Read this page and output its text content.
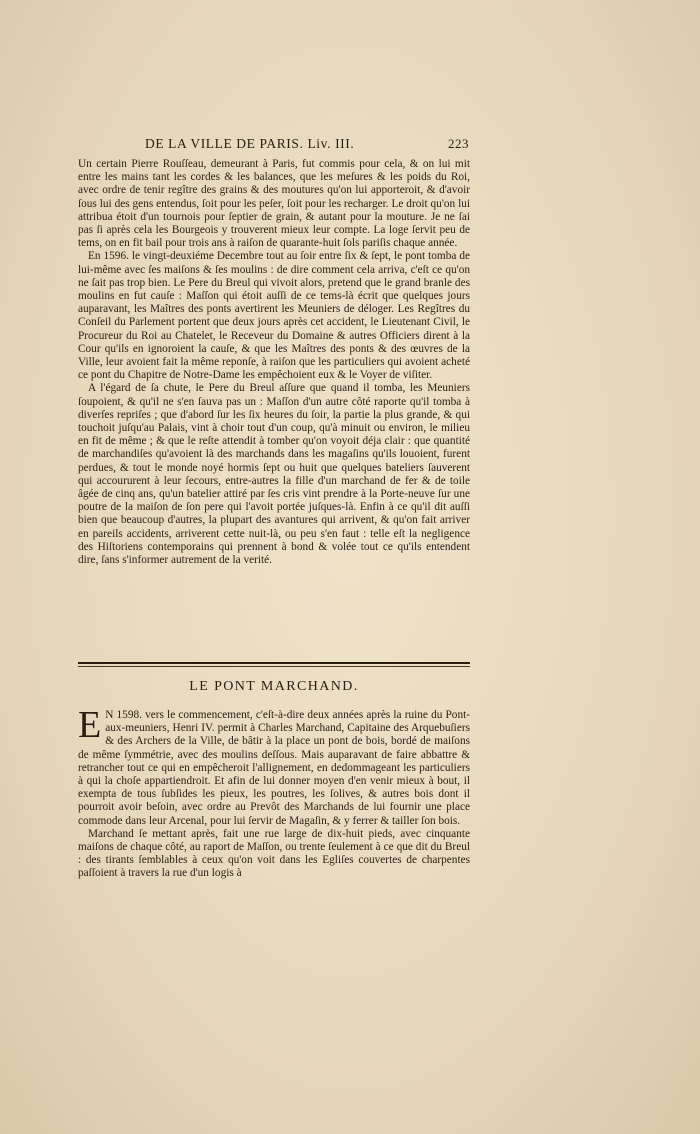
DE LA VILLE DE PARIS. Liv. III.	223

Un certain Pierre Rouſſeau, demeurant à Paris, fut commis pour cela, & on lui mit entre les mains tant les cordes & les balances, que les meſures & les poids du Roi, avec ordre de tenir regître des grains & des moutures qu'on lui apporteroit, & d'avoir ſous lui des gens entendus, ſoit pour les peſer, ſoit pour les recharger. Le droit qu'on lui attribua étoit d'un tournois pour ſeptier de grain, & autant pour la mouture. Je ne ſai pas ſi après cela les Bourgeois y trouverent mieux leur compte. La loge ſervit peu de tems, on en fit bail pour trois ans à raiſon de quarante-huit ſols pariſis chaque année.

En 1596. le vingt-deuxiéme Decembre tout au ſoir entre ſix & ſept, le pont tomba de lui-même avec ſes maiſons & ſes moulins : de dire comment cela arriva, c'eſt ce qu'on ne ſait pas trop bien. Le Pere du Breul qui vivoit alors, pretend que le grand branle des moulins en fut cauſe : Maſſon qui étoit auſſi de ce tems-là écrit que quelques jours auparavant, les Maîtres des ponts avertirent les Meuniers de déloger. Les Regîtres du Conſeil du Parlement portent que deux jours après cet accident, le Lieutenant Civil, le Procureur du Roi au Chatelet, le Receveur du Domaine & autres Officiers dirent à la Cour qu'ils en ignoroient la cauſe, & que les Maîtres des ponts & des œuvres de la Ville, leur avoient fait la même reponſe, à raiſon que les particuliers qui avoient acheté ce pont du Chapitre de Notre-Dame les empêchoient eux & le Voyer de viſiter.

A l'égard de ſa chute, le Pere du Breul aſſure que quand il tomba, les Meuniers ſoupoient, & qu'il ne s'en ſauva pas un : Maſſon d'un autre côté raporte qu'il tomba à diverſes repriſes ; que d'abord ſur les ſix heures du ſoir, la partie la plus grande, & qui touchoit juſqu'au Palais, vint à choir tout d'un coup, qu'à minuit ou environ, le milieu en fit de même ; & que le reſte attendit à tomber qu'on voyoit déja clair : que quantité de marchandiſes qu'avoient là des marchands dans les magaſins qu'ils louoient, furent perdues, & tout le monde noyé hormis ſept ou huit que quelques bateliers ſauverent qui accoururent à leur ſecours, entre-autres la fille d'un marchand de fer & de toile âgée de cinq ans, qu'un batelier attiré par ſes cris vint prendre à la Porte-neuve ſur une poutre de la maiſon de ſon pere qui l'avoit portée juſques-là. Enfin à ce qu'il dit auſſi bien que beaucoup d'autres, la plupart des avantures qui arrivent, & qu'on fait arriver en pareils accidents, arriverent cette nuit-là, ou peu s'en faut : telle eſt la negligence des Hiſtoriens contemporains qui prennent à bond & volée tout ce qu'ils entendent dire, ſans s'informer autrement de la verité.

LE PONT MARCHAND.

E N 1598. vers le commencement, c'eſt-à-dire deux années après la ruine du Pont-aux-meuniers, Henri IV. permit à Charles Marchand, Capitaine des Arquebuſiers & des Archers de la Ville, de bâtir à la place un pont de bois, bordé de maiſons de même ſymmétrie, avec des moulins deſſous. Mais auparavant de faire abbattre & retrancher tout ce qui en empêcheroit l'allignement, en dedommageant les particuliers à qui la choſe appartiendroit. Et afin de lui donner moyen d'en venir mieux à bout, il exempta de tous ſubſides les pieux, les poutres, les ſolives, & autres bois dont il pourroit avoir beſoin, avec ordre au Prevôt des Marchands de lui fournir une place commode dans leur Arcenal, pour lui ſervir de Magaſin, & y ferrer & tailler ſon bois.

Marchand ſe mettant après, fait une rue large de dix-huit pieds, avec cinquante maiſons de chaque côté, au raport de Maſſon, ou trente ſeulement à ce que dit du Breul : des tirants ſemblables à ceux qu'on voit dans les Egliſes couvertes de charpentes paſſoient à travers la rue d'un logis à
